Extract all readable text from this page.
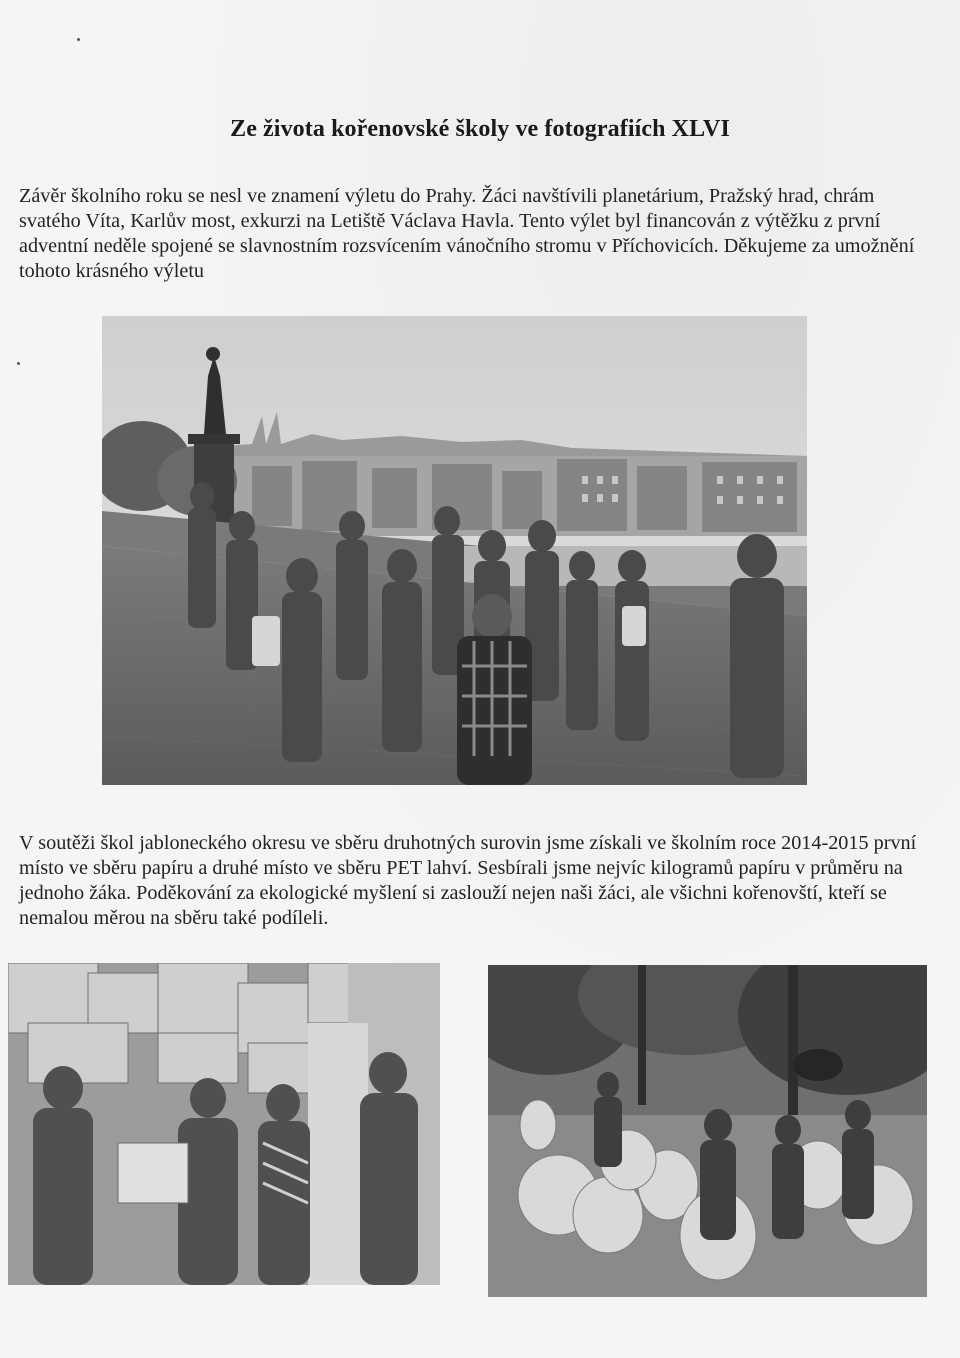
Ze života kořenovské školy ve fotografiích XLVI

Závěr školního roku se nesl ve znamení výletu do Prahy. Žáci navštívili planetárium, Pražský hrad, chrám svatého Víta, Karlův most, exkurzi na Letiště Václava Havla. Tento výlet byl financován z výtěžku z první adventní neděle spojené se slavnostním rozsvícením vánočního stromu v Příchovicích. Děkujeme za umožnění tohoto krásného výletu

V soutěži škol jabloneckého okresu ve sběru druhotných surovin jsme získali ve školním roce 2014-2015 první místo ve sběru papíru a druhé místo ve sběru PET lahví. Sesbírali jsme nejvíc kilogramů papíru v průměru na jednoho žáka. Poděkování za ekologické myšlení si zaslouží nejen naši žáci, ale všichni kořenovští, kteří se nemalou měrou na sběru také podíleli.
